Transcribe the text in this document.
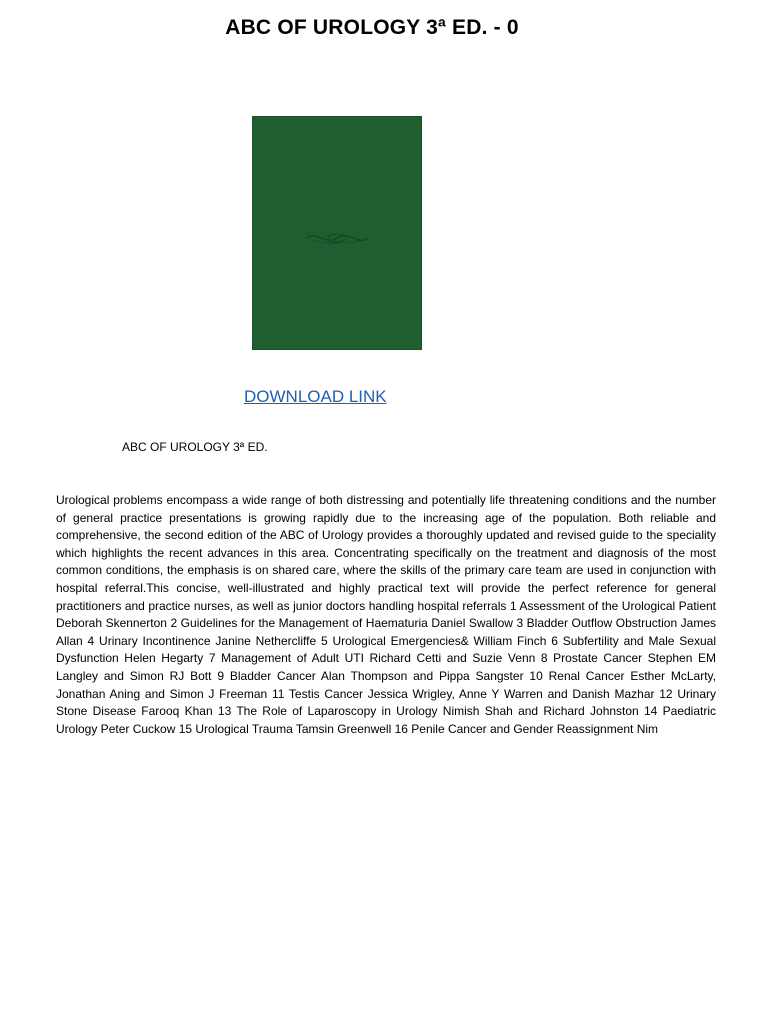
ABC OF UROLOGY 3ª ED. - 0
DOWNLOAD LINK
ABC OF UROLOGY 3ª ED.

Urological problems encompass a wide range of both distressing and potentially life threatening conditions and the number of general practice presentations is growing rapidly due to the increasing age of the population. Both reliable and comprehensive, the second edition of the ABC of Urology provides a thoroughly updated and revised guide to the speciality which highlights the recent advances in this area. Concentrating specifically on the treatment and diagnosis of the most common conditions, the emphasis is on shared care, where the skills of the primary care team are used in conjunction with hospital referral.This concise, well-illustrated and highly practical text will provide the perfect reference for general practitioners and practice nurses, as well as junior doctors handling hospital referrals 1 Assessment of the Urological Patient Deborah Skennerton 2 Guidelines for the Management of Haematuria Daniel Swallow 3 Bladder Outflow Obstruction James Allan 4 Urinary Incontinence Janine Nethercliffe 5 Urological Emergencies& William Finch 6 Subfertility and Male Sexual Dysfunction Helen Hegarty 7 Management of Adult UTI Richard Cetti and Suzie Venn 8 Prostate Cancer Stephen EM Langley and Simon RJ Bott 9 Bladder Cancer Alan Thompson and Pippa Sangster 10 Renal Cancer Esther McLarty, Jonathan Aning and Simon J Freeman 11 Testis Cancer Jessica Wrigley, Anne Y Warren and Danish Mazhar 12 Urinary Stone Disease Farooq Khan 13 The Role of Laparoscopy in Urology Nimish Shah and Richard Johnston 14 Paediatric Urology Peter Cuckow 15 Urological Trauma Tamsin Greenwell 16 Penile Cancer and Gender Reassignment Nim
